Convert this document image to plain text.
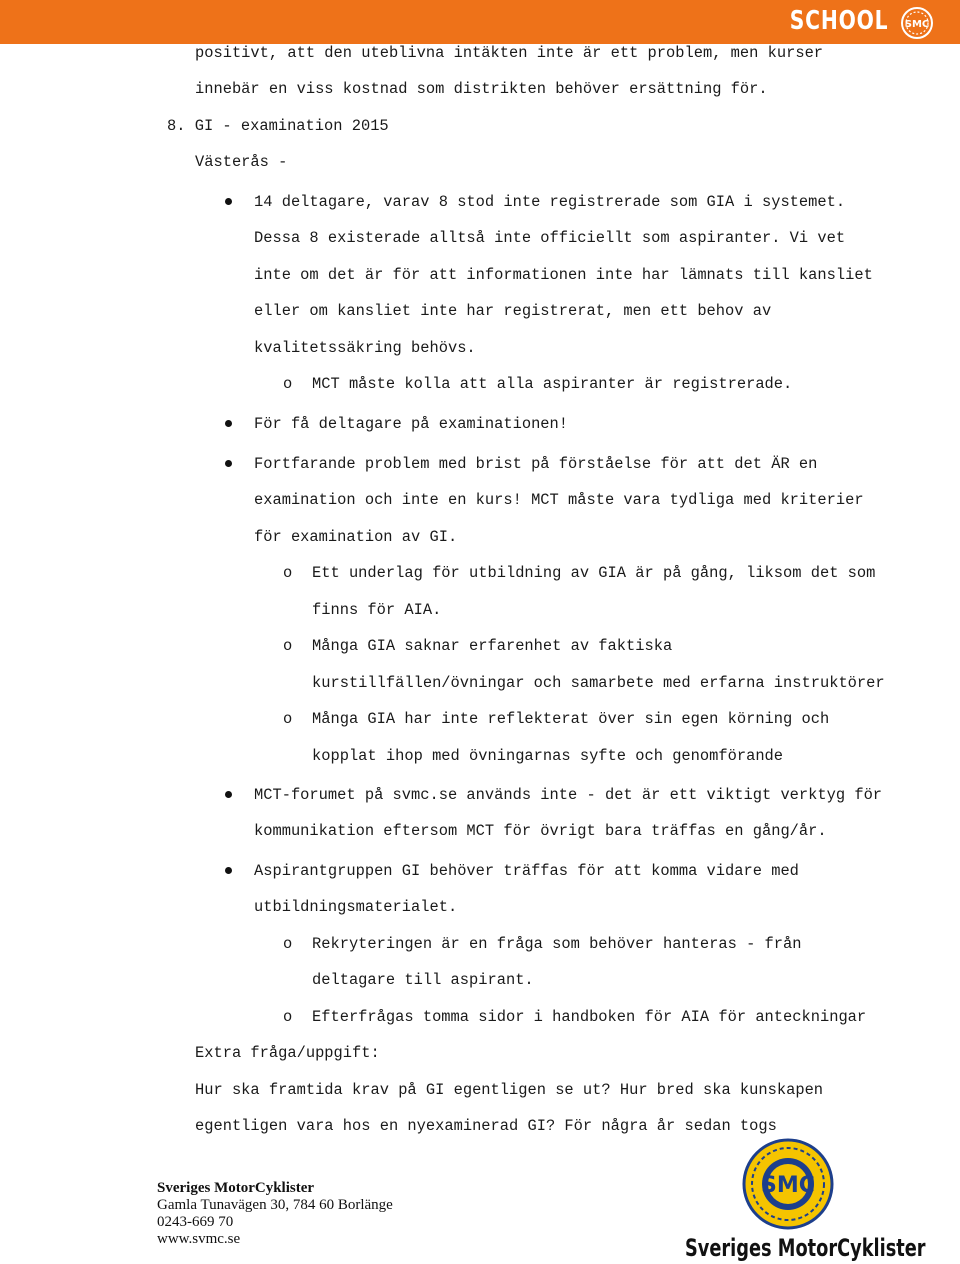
SCHOOL SMC
positivt, att den uteblivna intäkten inte är ett problem, men kurser
innebär en viss kostnad som distrikten behöver ersättning för.
8. GI - examination 2015
Västerås -
14 deltagare, varav 8 stod inte registrerade som GIA i systemet.
Dessa 8 existerade alltså inte officiellt som aspiranter. Vi vet
inte om det är för att informationen inte har lämnats till kansliet
eller om kansliet inte har registrerat, men ett behov av
kvalitetssäkring behövs.
o MCT måste kolla att alla aspiranter är registrerade.
För få deltagare på examinationen!
Fortfarande problem med brist på förståelse för att det ÄR en
examination och inte en kurs! MCT måste vara tydliga med kriterier
för examination av GI.
o Ett underlag för utbildning av GIA är på gång, liksom det som
finns för AIA.
o Många GIA saknar erfarenhet av faktiska
kurstillfällen/övningar och samarbete med erfarna instruktörer
o Många GIA har inte reflekterat över sin egen körning och
kopplat ihop med övningarnas syfte och genomförande
MCT-forumet på svmc.se används inte - det är ett viktigt verktyg för
kommunikation eftersom MCT för övrigt bara träffas en gång/år.
Aspirantgruppen GI behöver träffas för att komma vidare med
utbildningsmaterialet.
o Rekryteringen är en fråga som behöver hanteras - från
deltagare till aspirant.
o Efterfrågas tomma sidor i handboken för AIA för anteckningar
Extra fråga/uppgift:
Hur ska framtida krav på GI egentligen se ut? Hur bred ska kunskapen
egentligen vara hos en nyexaminerad GI? För några år sedan togs
Sveriges MotorCyklister
Gamla Tunavägen 30, 784 60 Borlänge
0243-669 70
www.svmc.se
SMC
Sveriges MotorCyklister
